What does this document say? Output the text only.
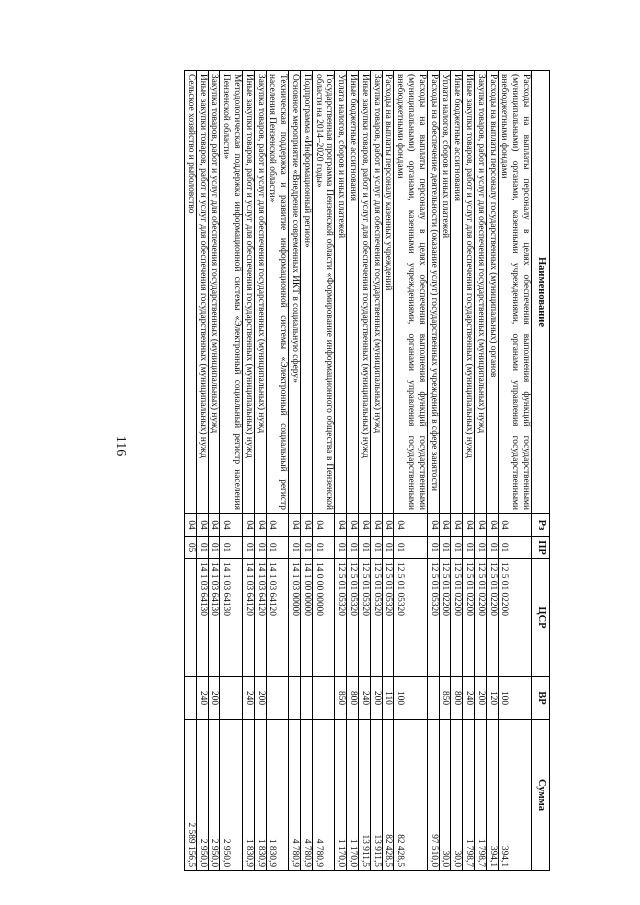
116
Наименование	Рз	ПР	ЦСР	ВР	Сумма
Расходы на выплаты персоналу в целях обеспечения выполнения функций государственными (муниципальными) органами, казенными учреждениями, органами управления государственными внебюджетными фондами	04	01	12 5 01 02200	100	394,1
Расходы на выплаты персоналу государственных (муниципальных) органов	04	01	12 5 01 02200	120	394,1
Закупка товаров, работ и услуг для обеспечения государственных (муниципальных) нужд	04	01	12 5 01 02200	200	1 798,7
Иные закупки товаров, работ и услуг для обеспечения государственных (муниципальных) нужд	04	01	12 5 01 02200	240	1 798,7
Иные бюджетные ассигнования	04	01	12 5 01 02200	800	30,0
Уплата налогов, сборов и иных платежей	04	01	12 5 01 02200	850	30,0
Расходы на обеспечение деятельности (оказание услуг) государственных учреждений в сфере занятости	04	01	12 5 01 05320		97 510,0
Расходы на выплаты персоналу в целях обеспечения выполнения функций государственными (муниципальными) органами, казенными учреждениями, органами управления государственными внебюджетными фондами	04	01	12 5 01 05320	100	82 428,5
Расходы на выплаты персоналу казенных учреждений	04	01	12 5 01 05320	110	82 428,5
Закупка товаров, работ и услуг для обеспечения государственных (муниципальных) нужд	04	01	12 5 01 05320	200	13 911,5
Иные закупки товаров, работ и услуг для обеспечения государственных (муниципальных) нужд	04	01	12 5 01 05320	240	13 911,5
Иные бюджетные ассигнования	04	01	12 5 01 05320	800	1 170,0
Уплата налогов, сборов и иных платежей	04	01	12 5 01 05320	850	1 170,0
Государственная программа Пензенской области «Формирование информационного общества в Пензенской области на 2014–2020 годы»	04	01	14 0 00 00000		4 780,9
Подпрограмма «Информационный регион»	04	01	14 1 00 00000		4 780,9
Основное мероприятие «Внедрение современных ИКТ в социальную сферу»	04	01	14 1 03 00000		4 780,9
Техническая поддержка и развитие информационной системы «Электронный социальный регистр населения Пензенской области»	04	01	14 1 03 64120		1 830,9
Закупка товаров, работ и услуг для обеспечения государственных (муниципальных) нужд	04	01	14 1 03 64120	200	1 830,9
Иные закупки товаров, работ и услуг для обеспечения государственных (муниципальных) нужд	04	01	14 1 03 64120	240	1 830,9
Методологическая поддержка информационной системы «Электронный социальный регистр населения Пензенской области»	04	01	14 1 03 64130		2 950,0
Закупка товаров, работ и услуг для обеспечения государственных (муниципальных) нужд	04	01	14 1 03 64130	200	2 950,0
Иные закупки товаров, работ и услуг для обеспечения государственных (муниципальных) нужд	04	01	14 1 03 64130	240	2 950,0
Сельское хозяйство и рыболовство	04	05			2 589 156,5
